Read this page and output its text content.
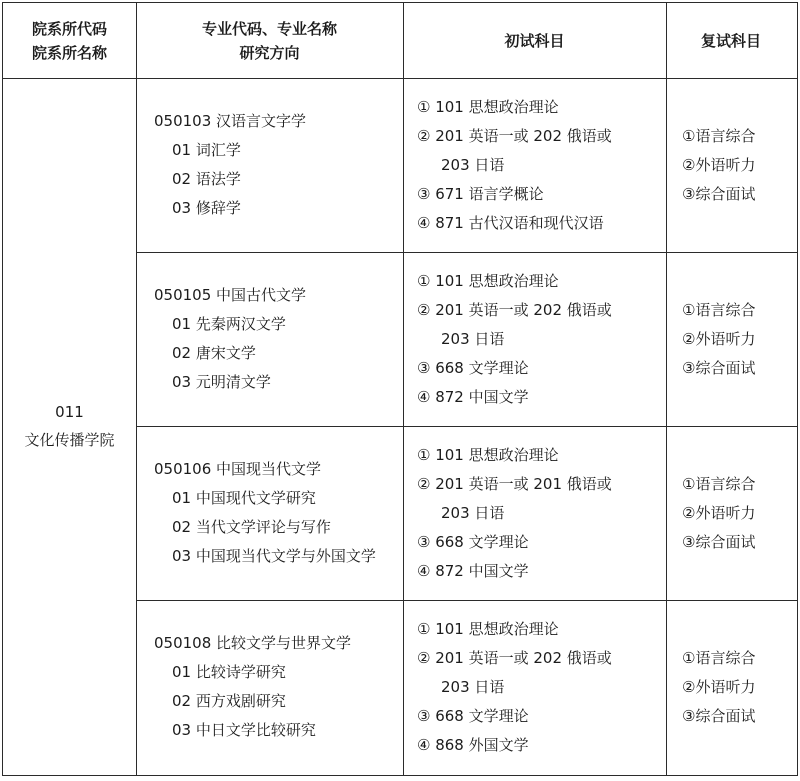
院系所代码
院系所名称
专业代码、专业名称
研究方向
初试科目	复试科目
011
文化传播学院
050103 汉语言文字学
01 词汇学
02 语法学
03 修辞学
① 101 思想政治理论
② 201 英语一或 202 俄语或
203 日语
③ 671 语言学概论
④ 871 古代汉语和现代汉语
①语言综合
②外语听力
③综合面试
050105 中国古代文学
01 先秦两汉文学
02 唐宋文学
03 元明清文学
① 101 思想政治理论
② 201 英语一或 202 俄语或
203 日语
③ 668 文学理论
④ 872 中国文学
①语言综合
②外语听力
③综合面试
050106 中国现当代文学
01 中国现代文学研究
02 当代文学评论与写作
03 中国现当代文学与外国文学
① 101 思想政治理论
② 201 英语一或 201 俄语或
203 日语
③ 668 文学理论
④ 872 中国文学
①语言综合
②外语听力
③综合面试
050108 比较文学与世界文学
01 比较诗学研究
02 西方戏剧研究
03 中日文学比较研究
① 101 思想政治理论
② 201 英语一或 202 俄语或
203 日语
③ 668 文学理论
④ 868 外国文学
①语言综合
②外语听力
③综合面试
